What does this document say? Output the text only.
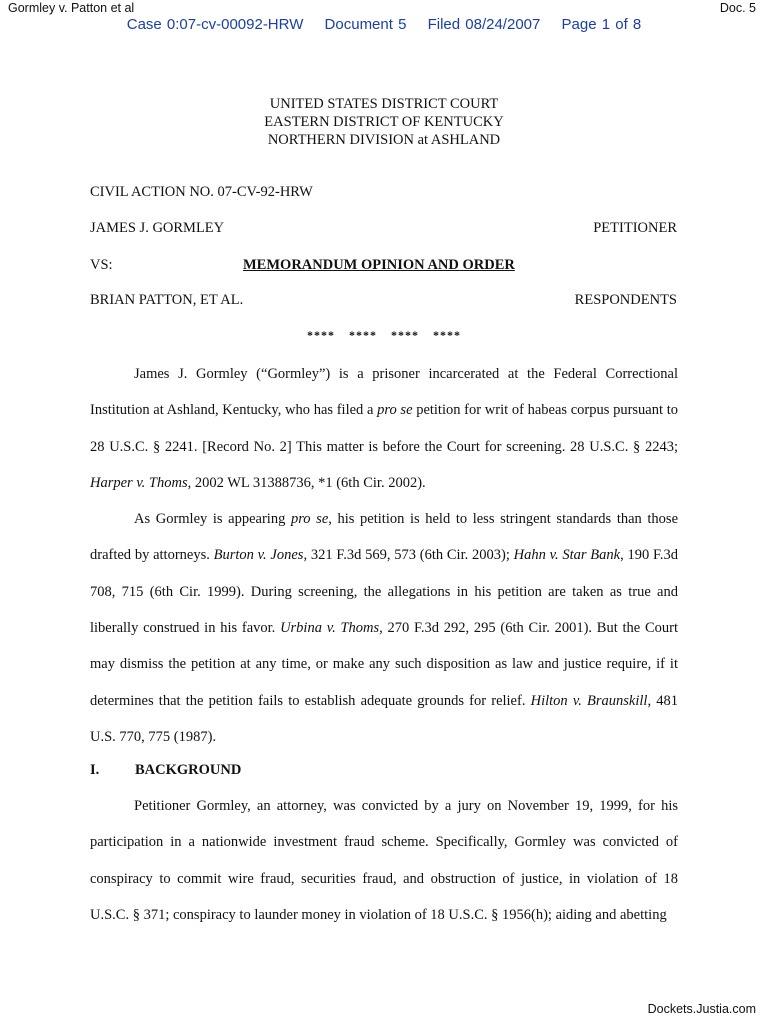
Gormley v. Patton et al	Doc. 5
Case 0:07-cv-00092-HRW Document 5 Filed 08/24/2007 Page 1 of 8
UNITED STATES DISTRICT COURT
EASTERN DISTRICT OF KENTUCKY
NORTHERN DIVISION at ASHLAND
CIVIL ACTION NO. 07-CV-92-HRW
JAMES J. GORMLEY	PETITIONER
VS:	MEMORANDUM OPINION AND ORDER
BRIAN PATTON, ET AL.	RESPONDENTS
**** **** **** ****

James J. Gormley (“Gormley”) is a prisoner incarcerated at the Federal Correctional Institution at Ashland, Kentucky, who has filed a pro se petition for writ of habeas corpus pursuant to 28 U.S.C. § 2241. [Record No. 2] This matter is before the Court for screening. 28 U.S.C. § 2243; Harper v. Thoms, 2002 WL 31388736, *1 (6th Cir. 2002).

As Gormley is appearing pro se, his petition is held to less stringent standards than those drafted by attorneys. Burton v. Jones, 321 F.3d 569, 573 (6th Cir. 2003); Hahn v. Star Bank, 190 F.3d 708, 715 (6th Cir. 1999). During screening, the allegations in his petition are taken as true and liberally construed in his favor. Urbina v. Thoms, 270 F.3d 292, 295 (6th Cir. 2001). But the Court may dismiss the petition at any time, or make any such disposition as law and justice require, if it determines that the petition fails to establish adequate grounds for relief. Hilton v. Braunskill, 481 U.S. 770, 775 (1987).

I. BACKGROUND

Petitioner Gormley, an attorney, was convicted by a jury on November 19, 1999, for his participation in a nationwide investment fraud scheme. Specifically, Gormley was convicted of conspiracy to commit wire fraud, securities fraud, and obstruction of justice, in violation of 18 U.S.C. § 371; conspiracy to launder money in violation of 18 U.S.C. § 1956(h); aiding and abetting

Dockets.Justia.com
